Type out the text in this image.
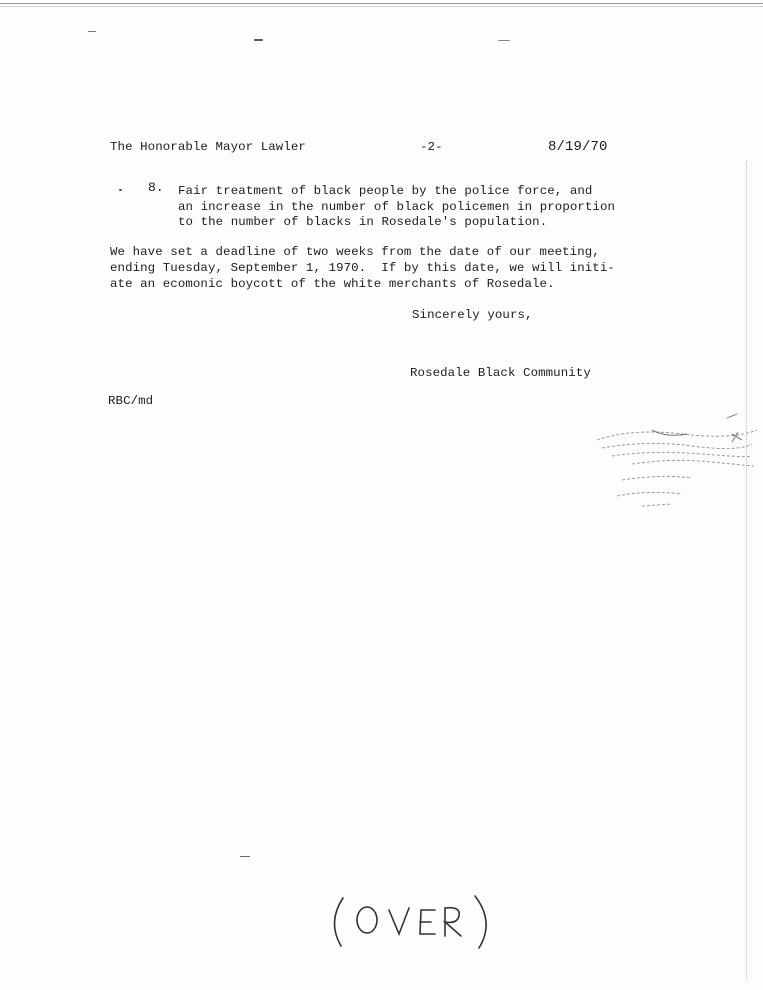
The Honorable Mayor Lawler	-2-	8/19/70
8. Fair treatment of black people by the police force, and
an increase in the number of black policemen in proportion
to the number of blacks in Rosedale's population.
We have set a deadline of two weeks from the date of our meeting,
ending Tuesday, September 1, 1970.  If by this date, we will initi-
ate an ecomonic boycott of the white merchants of Rosedale.
Sincerely yours,
Rosedale Black Community
RBC/md
